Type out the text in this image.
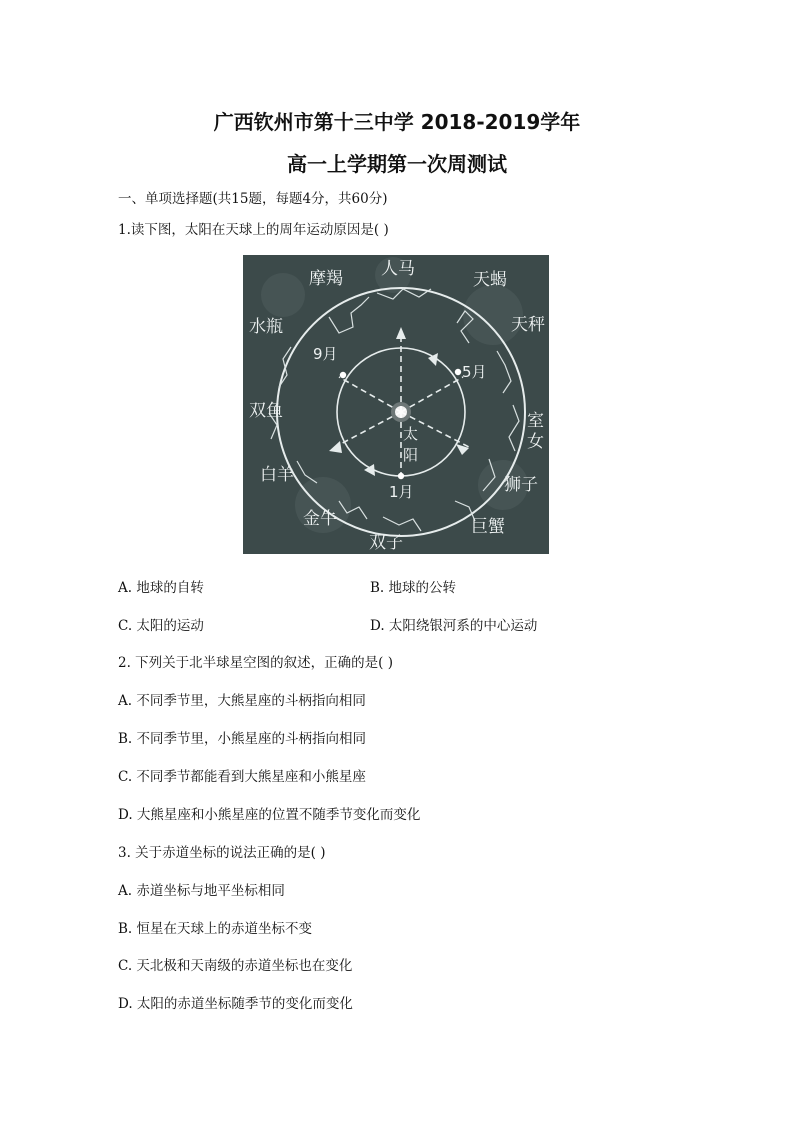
广西钦州市第十三中学 2018-2019学年
高一上学期第一次周测试
一、单项选择题(共15题，每题4分，共60分)
1.读下图，太阳在天球上的周年运动原因是( )
摩羯 人马
天蝎
天秤
水瓶
室
双鱼
狮子
白羊
金牛	巨蟹
双子
女
9月
5月
1月
太
阳
A. 地球的自转	B. 地球的公转
C. 太阳的运动	D. 太阳绕银河系的中心运动
2. 下列关于北半球星空图的叙述，正确的是( )
A. 不同季节里，大熊星座的斗柄指向相同
B. 不同季节里，小熊星座的斗柄指向相同
C. 不同季节都能看到大熊星座和小熊星座
D. 大熊星座和小熊星座的位置不随季节变化而变化
3. 关于赤道坐标的说法正确的是( )
A. 赤道坐标与地平坐标相同
B. 恒星在天球上的赤道坐标不变
C. 天北极和天南级的赤道坐标也在变化
D. 太阳的赤道坐标随季节的变化而变化
